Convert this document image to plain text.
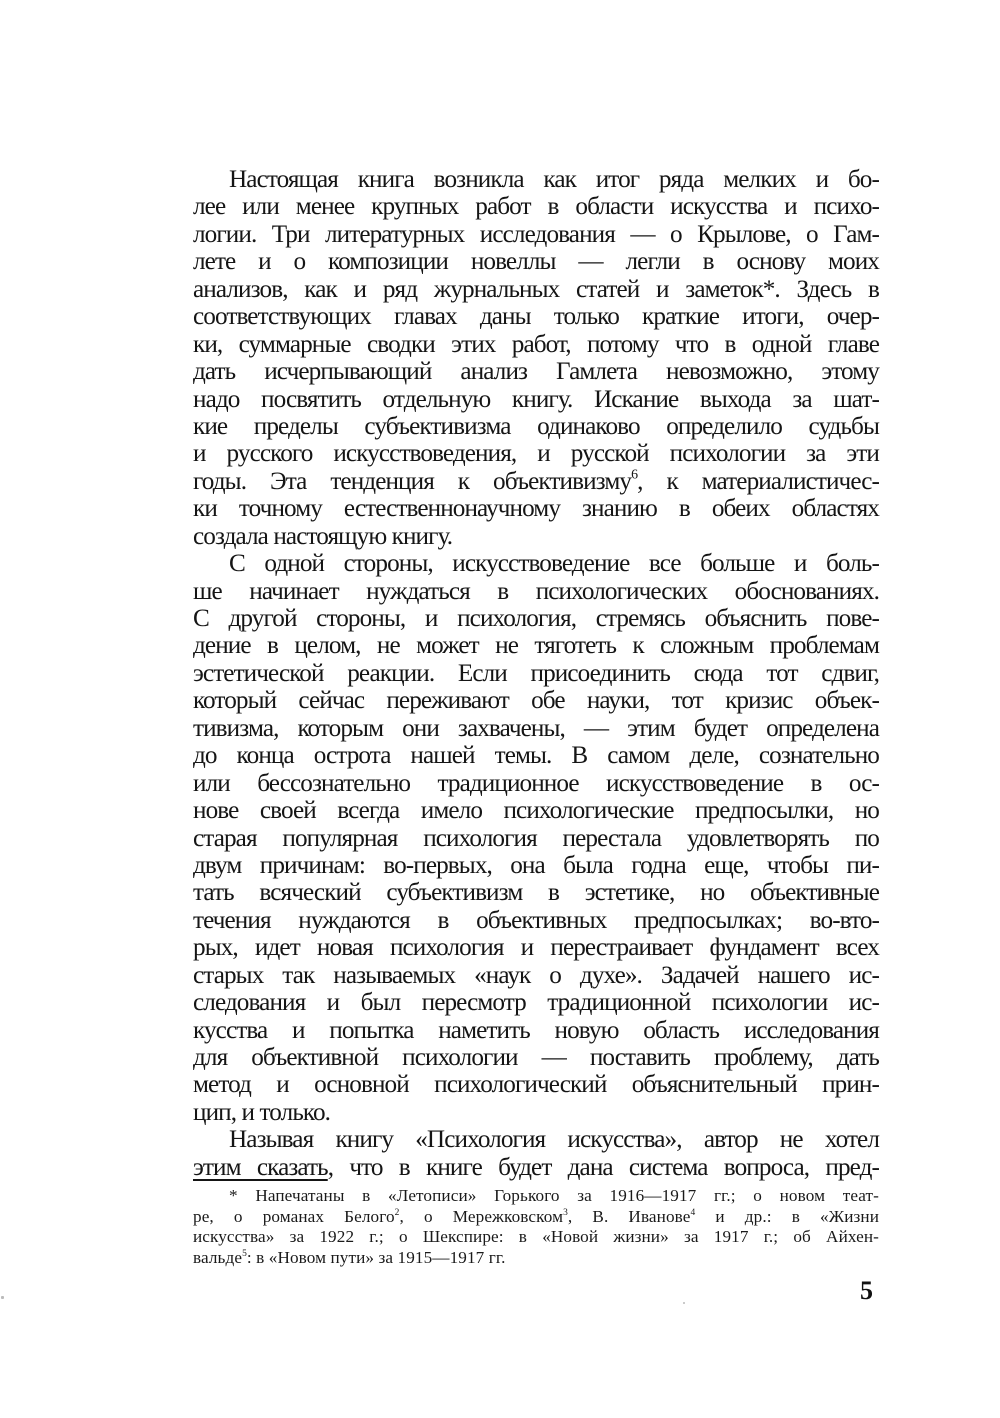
Настоящая книга возникла как итог ряда мелких и бо-
лее или менее крупных работ в области искусства и психо-
логии. Три литературных исследования — о Крылове, о Гам-
лете и о композиции новеллы — легли в основу моих
анализов, как и ряд журнальных статей и заметок*. Здесь в
соответствующих главах даны только краткие итоги, очер-
ки, суммарные сводки этих работ, потому что в одной главе
дать исчерпывающий анализ Гамлета невозможно, этому
надо посвятить отдельную книгу. Искание выхода за шат-
кие пределы субъективизма одинаково определило судьбы
и русского искусствоведения, и русской психологии за эти
годы. Эта тенденция к объективизму$^6$, к материалистичес-
ки точному естественнонаучному знанию в обеих областях
создала настоящую книгу.
С одной стороны, искусствоведение все больше и боль-
ше начинает нуждаться в психологических обоснованиях.
С другой стороны, и психология, стремясь объяснить пове-
дение в целом, не может не тяготеть к сложным проблемам
эстетической реакции. Если присоединить сюда тот сдвиг,
который сейчас переживают обе науки, тот кризис объек-
тивизма, которым они захвачены, — этим будет определена
до конца острота нашей темы. В самом деле, сознательно
или бессознательно традиционное искусствоведение в ос-
нове своей всегда имело психологические предпосылки, но
старая популярная психология перестала удовлетворять по
двум причинам: во-первых, она была годна еще, чтобы пи-
тать всяческий субъективизм в эстетике, но объективные
течения нуждаются в объективных предпосылках; во-вто-
рых, идет новая психология и перестраивает фундамент всех
старых так называемых «наук о духе». Задачей нашего ис-
следования и был пересмотр традиционной психологии ис-
кусства и попытка наметить новую область исследования
для объективной психологии — поставить проблему, дать
метод и основной психологический объяснительный прин-
цип, и только.
Называя книгу «Психология искусства», автор не хотел
этим сказать, что в книге будет дана система вопроса, пред-
* Напечатаны в «Летописи» Горького за 1916—1917 гг.; о новом теат-
ре, о романах Белого$^2$, о Мережковском$^3$, В. Иванове$^4$ и др.: в «Жизни
искусства» за 1922 г.; о Шекспире: в «Новой жизни» за 1917 г.; об Айхен-
вальде$^5$: в «Новом пути» за 1915—1917 гг.
5
